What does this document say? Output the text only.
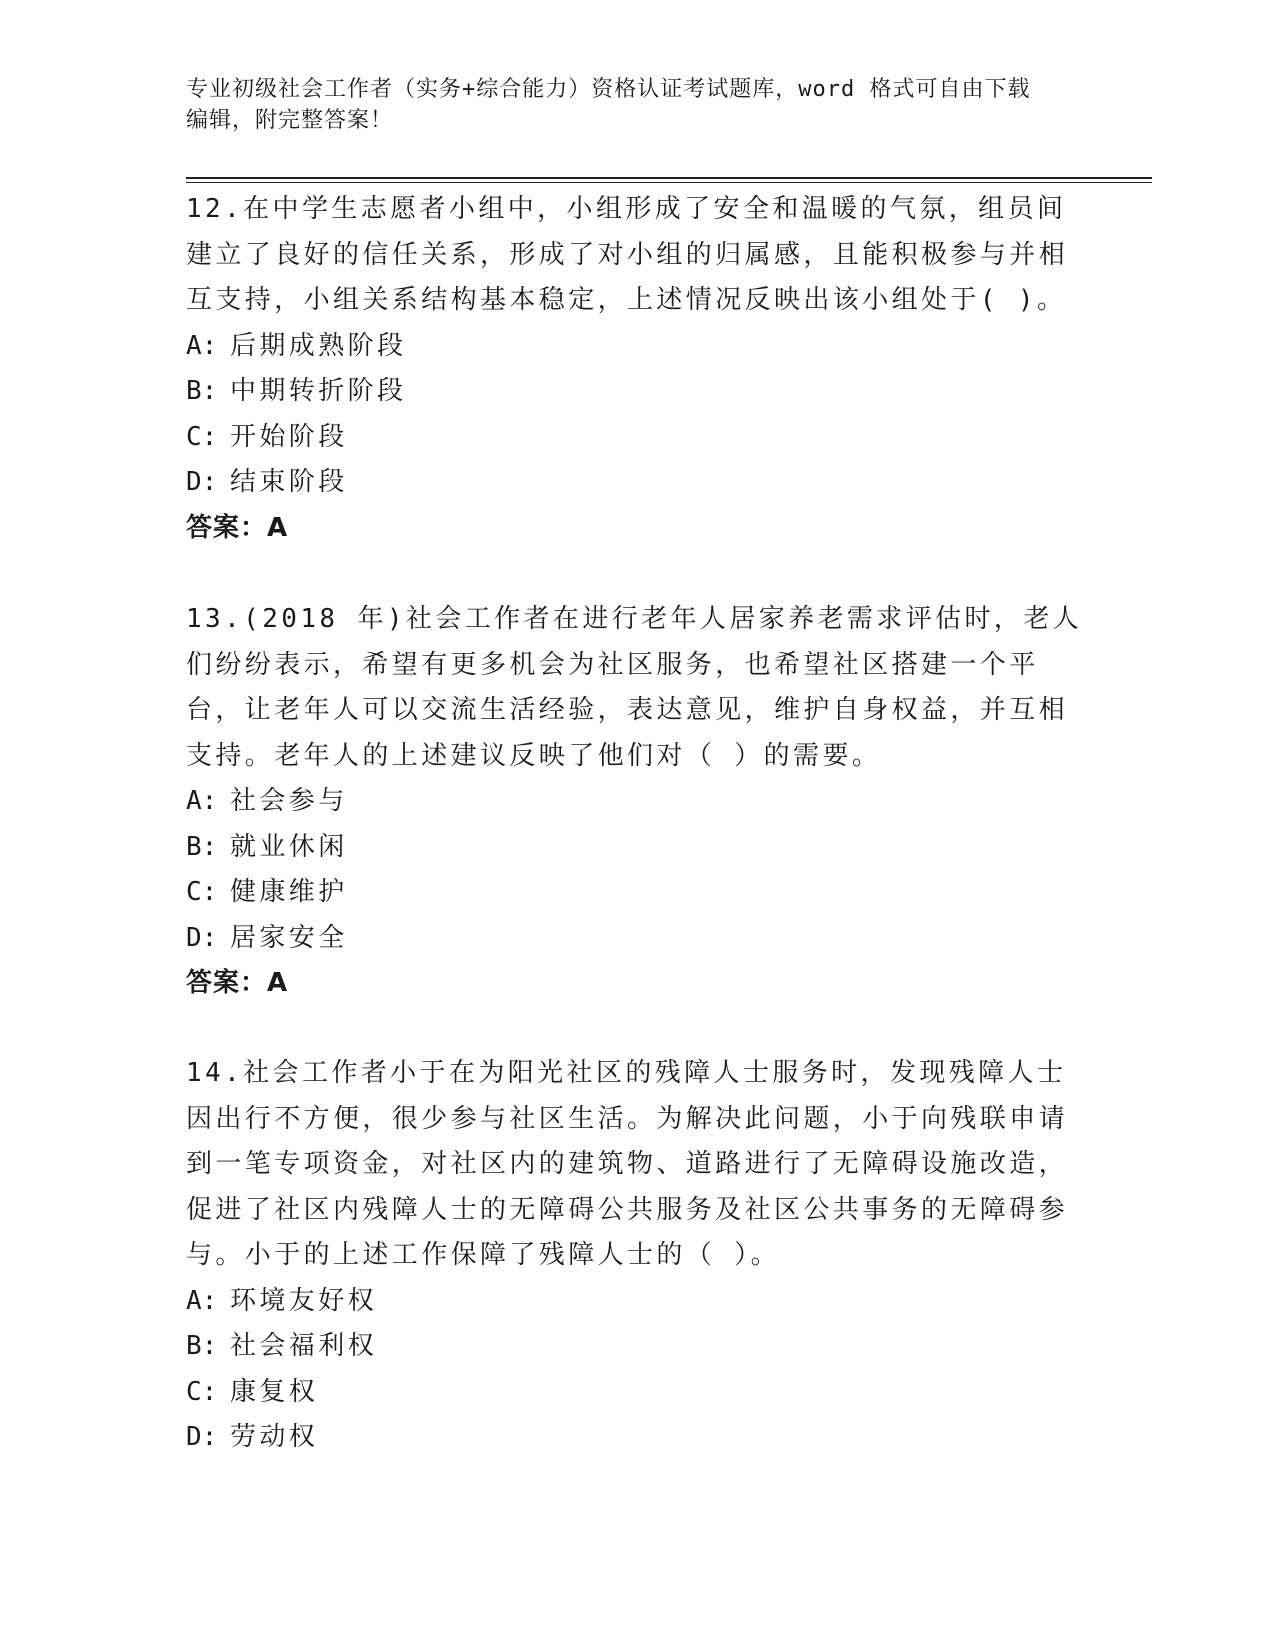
专业初级社会工作者（实务+综合能力）资格认证考试题库，word 格式可自由下载
编辑，附完整答案！

12.在中学生志愿者小组中，小组形成了安全和温暖的气氛，组员间建立了良好的信任关系，形成了对小组的归属感，且能积极参与并相互支持，小组关系结构基本稳定，上述情况反映出该小组处于( )。

A: 后期成熟阶段

B: 中期转折阶段

C: 开始阶段

D: 结束阶段

答案：A

13.(2018 年)社会工作者在进行老年人居家养老需求评估时，老人们纷纷表示，希望有更多机会为社区服务，也希望社区搭建一个平台，让老年人可以交流生活经验，表达意见，维护自身权益，并互相支持。老年人的上述建议反映了他们对（ ）的需要。

A: 社会参与

B: 就业休闲

C: 健康维护

D: 居家安全

答案：A

14.社会工作者小于在为阳光社区的残障人士服务时，发现残障人士因出行不方便，很少参与社区生活。为解决此问题，小于向残联申请到一笔专项资金，对社区内的建筑物、道路进行了无障碍设施改造，促进了社区内残障人士的无障碍公共服务及社区公共事务的无障碍参与。小于的上述工作保障了残障人士的（ ）。

A: 环境友好权

B: 社会福利权

C: 康复权

D: 劳动权
